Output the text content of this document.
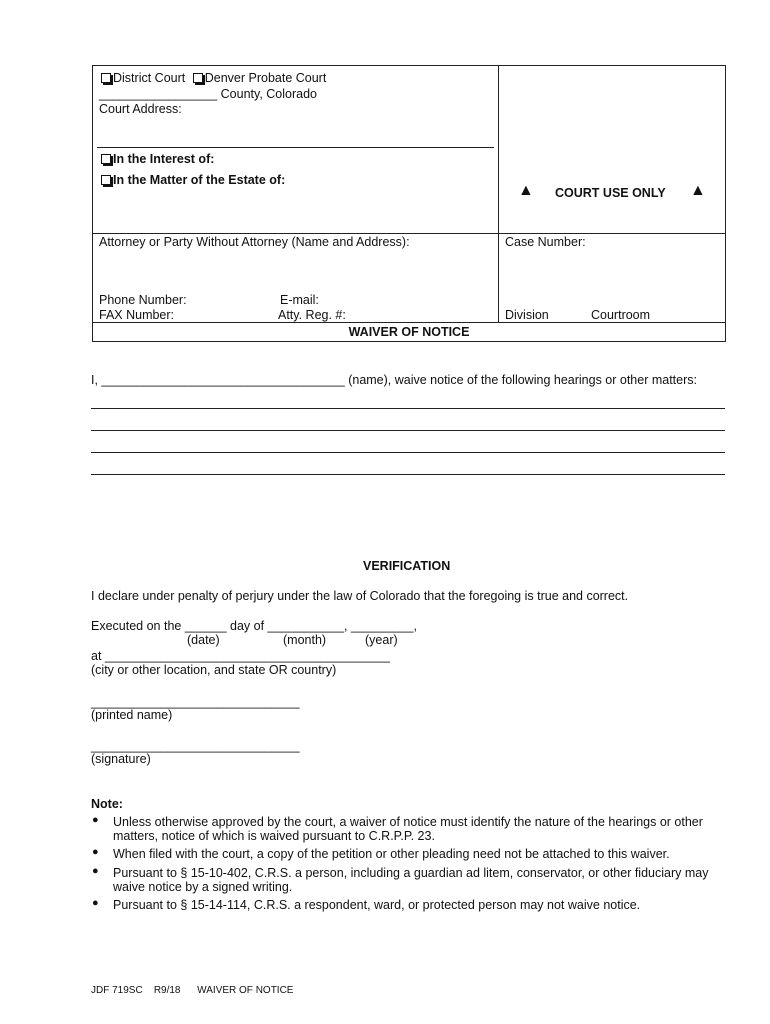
District Court Denver Probate Court
_________________ County, Colorado
Court Address:
In the Interest of:
In the Matter of the Estate of:
▲ COURT USE ONLY ▲
Attorney or Party Without Attorney (Name and Address):
Phone Number:	E-mail:
FAX Number:	Atty. Reg. #:
Case Number:
Division	Courtroom
WAIVER OF NOTICE
I, ___________________________________ (name), waive notice of the following hearings or other matters:
VERIFICATION
I declare under penalty of perjury under the law of Colorado that the foregoing is true and correct.
Executed on the ______ day of ___________, _________,
(date)	(month)	(year)
at _________________________________________
(city or other location, and state OR country)
______________________________
(printed name)
______________________________
(signature)
Note:
● Unless otherwise approved by the court, a waiver of notice must identify the nature of the hearings or other
matters, notice of which is waived pursuant to C.R.P.P. 23.
● When filed with the court, a copy of the petition or other pleading need not be attached to this waiver.
● Pursuant to § 15-10-402, C.R.S. a person, including a guardian ad litem, conservator, or other fiduciary may
waive notice by a signed writing.
● Pursuant to § 15-14-114, C.R.S. a respondent, ward, or protected person may not waive notice.
JDF 719SC R9/18 WAIVER OF NOTICE
